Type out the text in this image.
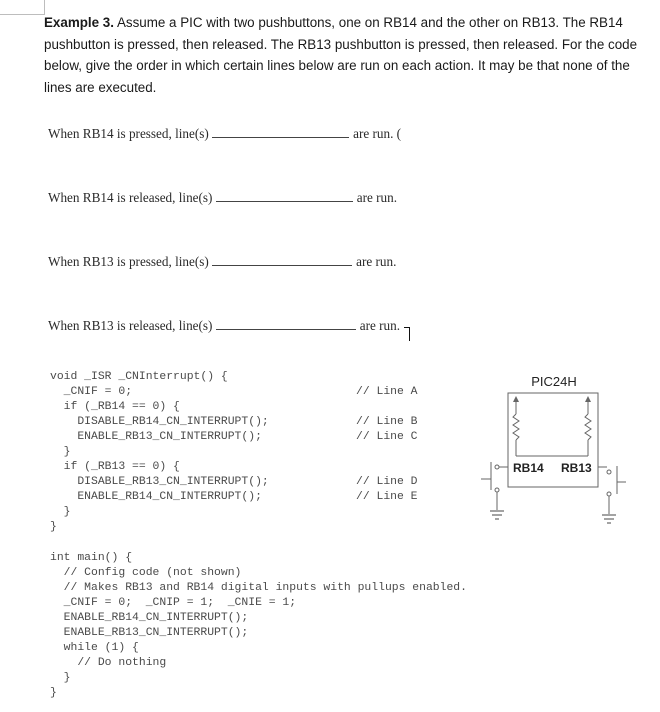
Example 3. Assume a PIC with two pushbuttons, one on RB14 and the other on RB13. The RB14
pushbutton is pressed, then released. The RB13 pushbutton is pressed, then released. For the code
below, give the order in which certain lines below are run on each action. It may be that none of the
lines are executed.

When RB14 is pressed, line(s)	are run. (
When RB14 is released, line(s)	are run.
When RB13 is pressed, line(s)	are run.
When RB13 is released, line(s)	are run.
void _ISR _CNInterrupt() {
_CNIF = 0;
if (_RB14 == 0) {
DISABLE_RB14_CN_INTERRUPT();
ENABLE_RB13_CN_INTERRUPT();
}
if (_RB13 == 0) {
DISABLE_RB13_CN_INTERRUPT();
ENABLE_RB14_CN_INTERRUPT();
}
}
// Line A
// Line B
// Line C
// Line D
// Line E
int main() {
// Config code (not shown)
// Makes RB13 and RB14 digital inputs with pullups enabled.
_CNIF = 0;  _CNIP = 1;  _CNIE = 1;
ENABLE_RB14_CN_INTERRUPT();
ENABLE_RB13_CN_INTERRUPT();
while (1) {
// Do nothing
}
}
PIC24H
RB14 RB13
